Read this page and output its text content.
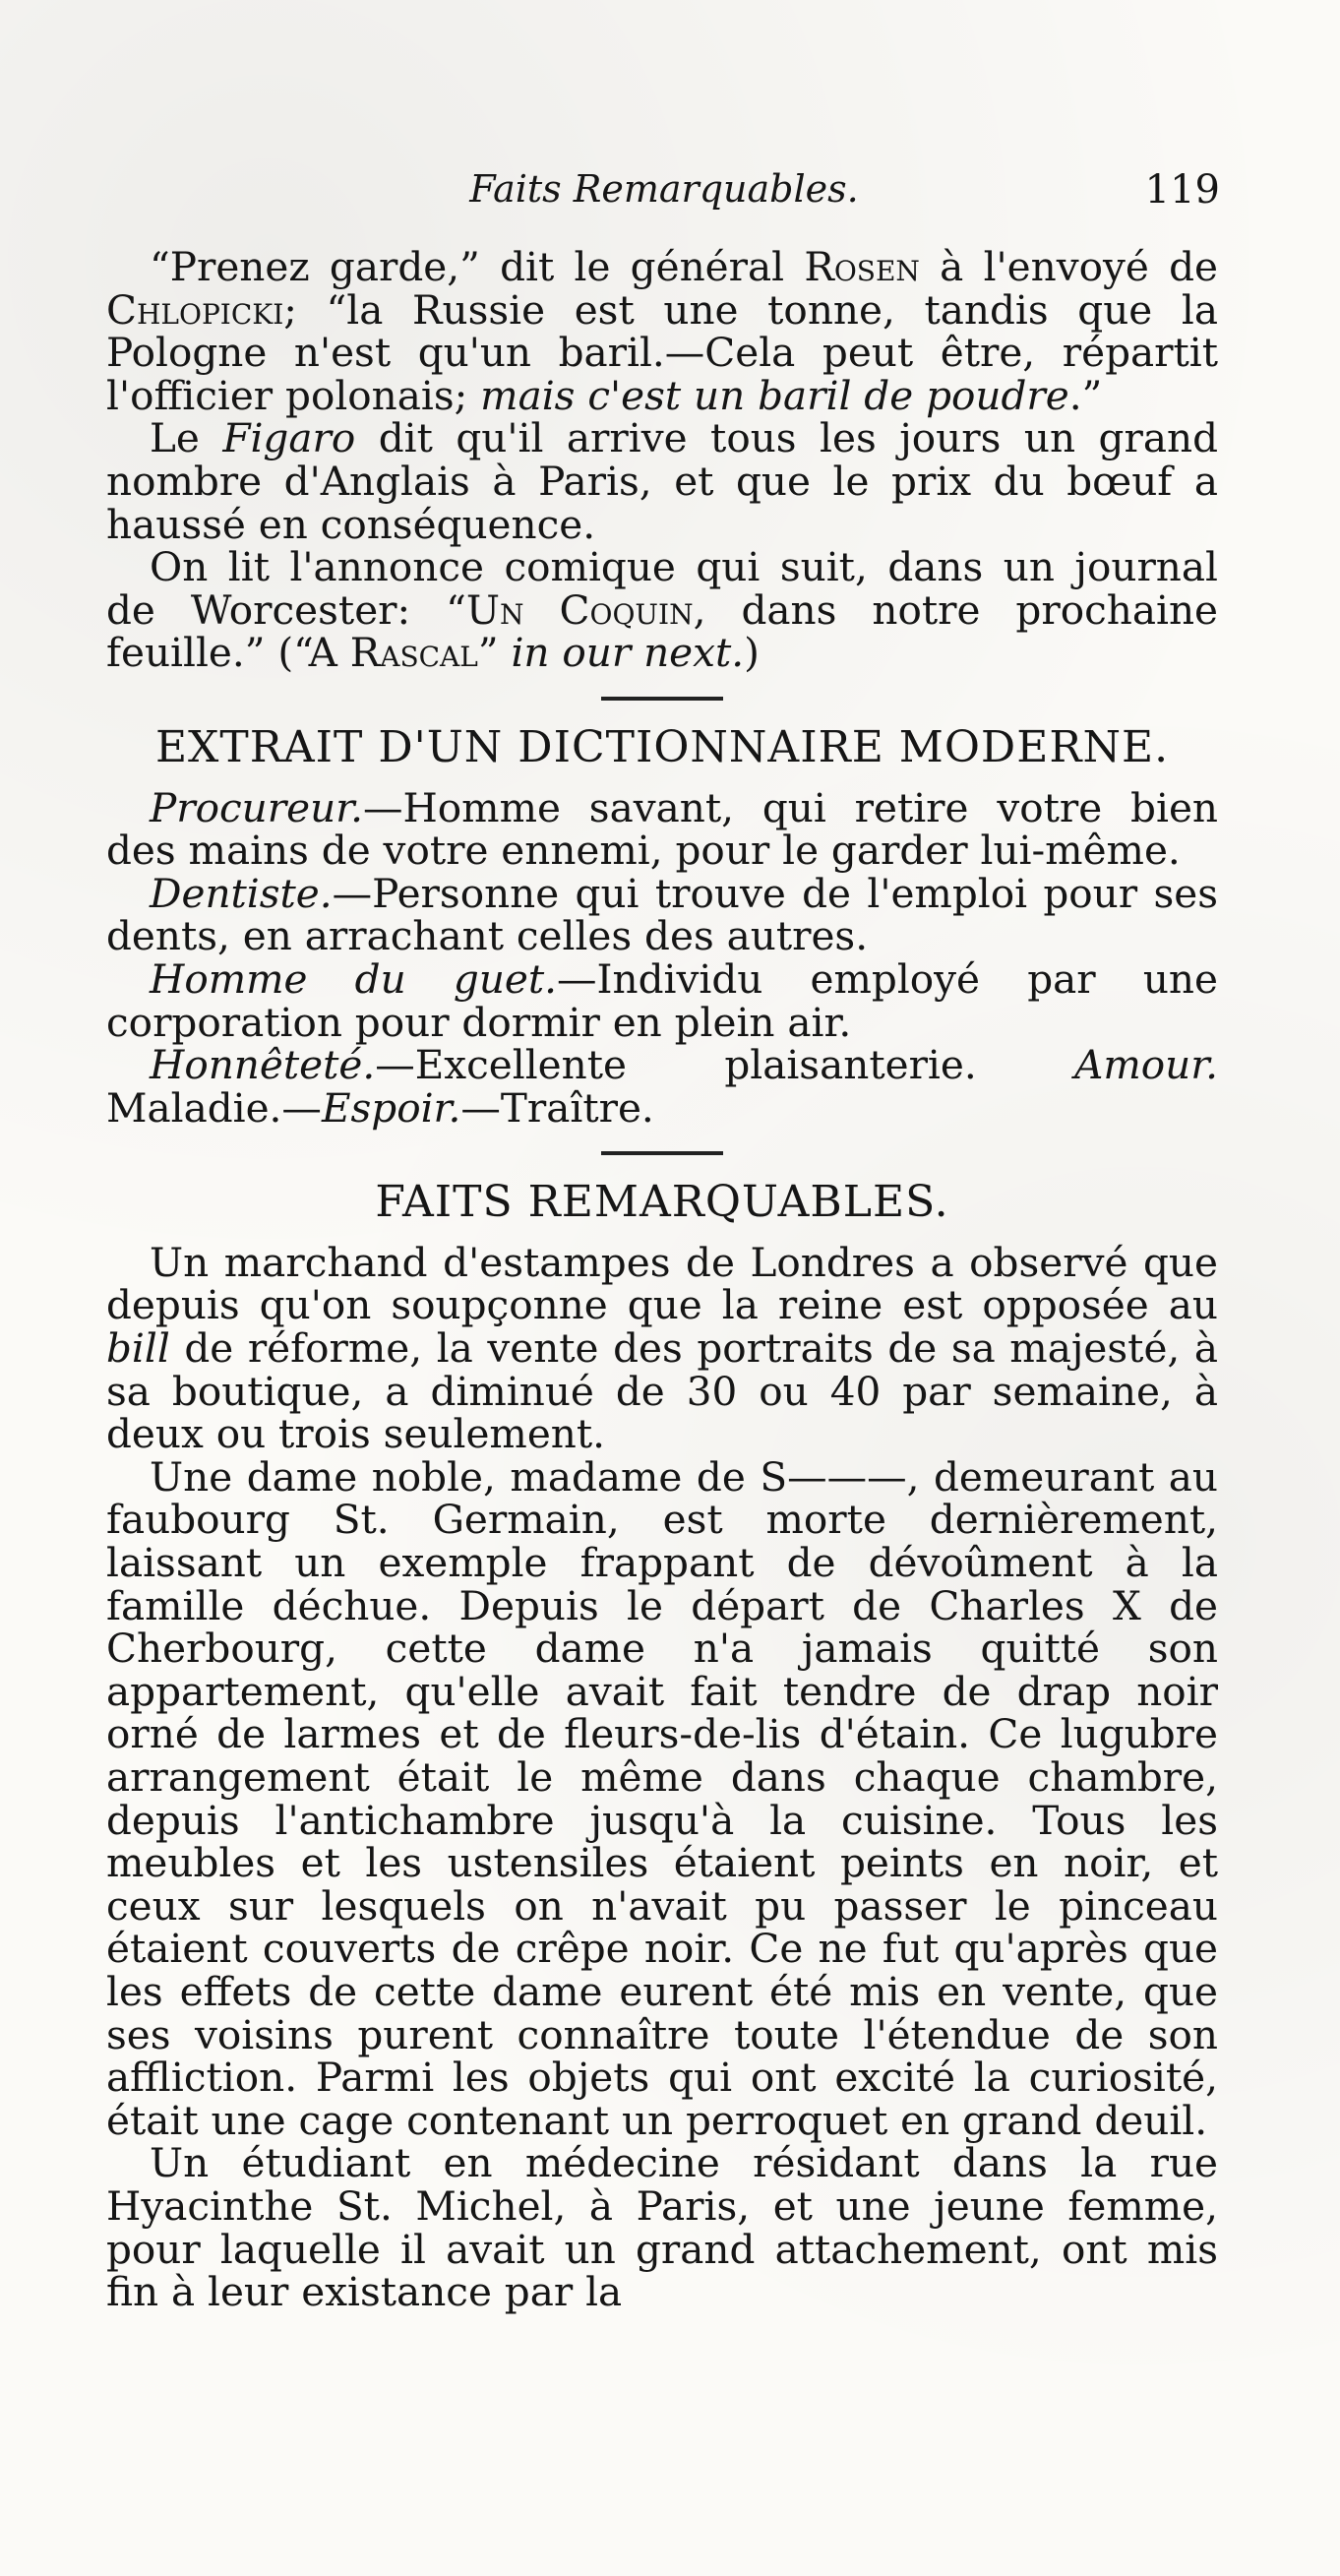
Faits Remarquables.	119

“Prenez garde,” dit le général Rosen à l'envoyé de Chlopicki; “la Russie est une tonne, tandis que la Pologne n'est qu'un baril.—Cela peut être, répartit l'officier polonais; mais c'est un baril de poudre.”

Le Figaro dit qu'il arrive tous les jours un grand nombre d'Anglais à Paris, et que le prix du bœuf a haussé en conséquence.

On lit l'annonce comique qui suit, dans un journal de Worcester: “Un Coquin, dans notre prochaine feuille.” (“A Rascal” in our next.)

EXTRAIT D'UN DICTIONNAIRE MODERNE.

Procureur.—Homme savant, qui retire votre bien des mains de votre ennemi, pour le garder lui-même.

Dentiste.—Personne qui trouve de l'emploi pour ses dents, en arrachant celles des autres.

Homme du guet.—Individu employé par une corporation pour dormir en plein air.

Honnêteté.—Excellente plaisanterie. Amour. Maladie.—Espoir.—Traître.

FAITS REMARQUABLES.

Un marchand d'estampes de Londres a observé que depuis qu'on soupçonne que la reine est opposée au bill de réforme, la vente des portraits de sa majesté, à sa boutique, a diminué de 30 ou 40 par semaine, à deux ou trois seulement.

Une dame noble, madame de S———, demeurant au faubourg St. Germain, est morte dernièrement, laissant un exemple frappant de dévoûment à la famille déchue. Depuis le départ de Charles X de Cherbourg, cette dame n'a jamais quitté son appartement, qu'elle avait fait tendre de drap noir orné de larmes et de fleurs-de-lis d'étain. Ce lugubre arrangement était le même dans chaque chambre, depuis l'antichambre jusqu'à la cuisine. Tous les meubles et les ustensiles étaient peints en noir, et ceux sur lesquels on n'avait pu passer le pinceau étaient couverts de crêpe noir. Ce ne fut qu'après que les effets de cette dame eurent été mis en vente, que ses voisins purent connaître toute l'étendue de son affliction. Parmi les objets qui ont excité la curiosité, était une cage contenant un perroquet en grand deuil.

Un étudiant en médecine résidant dans la rue Hyacinthe St. Michel, à Paris, et une jeune femme, pour laquelle il avait un grand attachement, ont mis fin à leur existance par la
